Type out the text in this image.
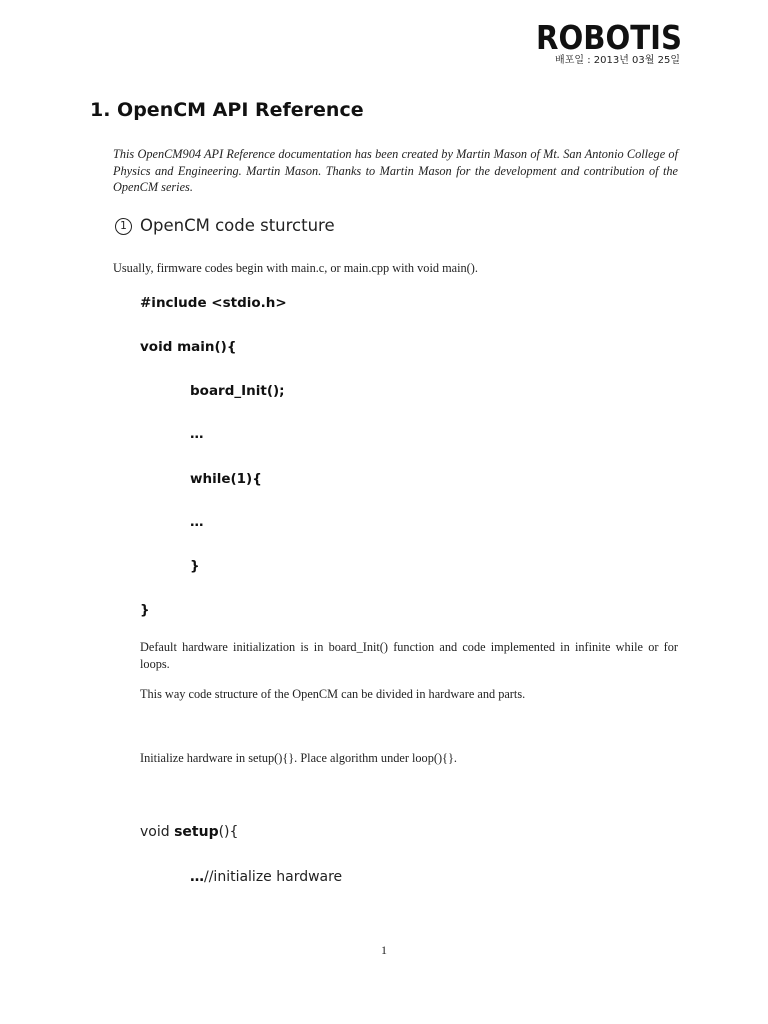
ROBOTIS
배포일 : 2013년 03월 25일
1. OpenCM API Reference

This OpenCM904 API Reference documentation has been created by Martin Mason of Mt. San Antonio College of Physics and Engineering. Martin Mason. Thanks to Martin Mason for the development and contribution of the OpenCM series.

1 OpenCM code sturcture

Usually, firmware codes begin with main.c, or main.cpp with void main().

#include <stdio.h>
void main(){
board_Init();
…
while(1){
…
}
}

Default hardware initialization is in board_Init() function and code implemented in infinite while or for loops.

This way code structure of the OpenCM can be divided in hardware and parts.

Initialize hardware in setup(){}. Place algorithm under loop(){}.

void setup(){
…//initialize hardware
1
